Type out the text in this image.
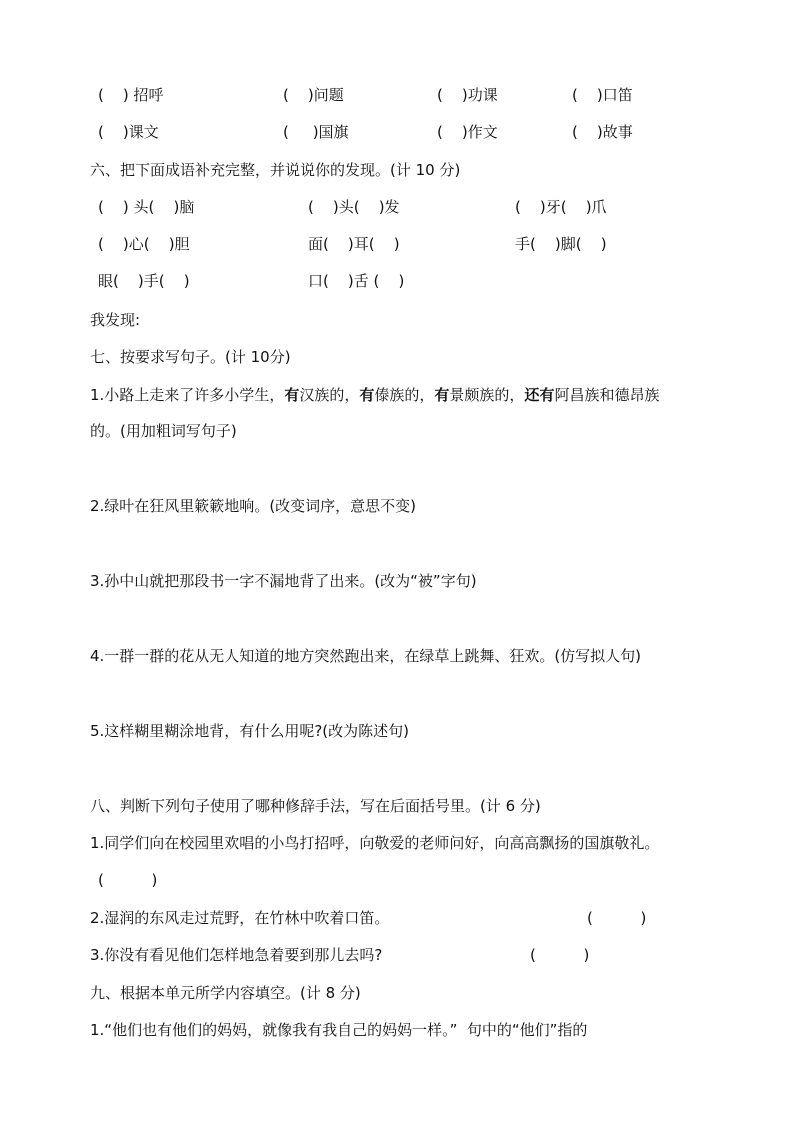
(    ) 招呼	(    )问题	(    )功课	(    )口笛
(    )课文	(     )国旗	(    )作文	(    )故事
六、把下面成语补充完整，并说说你的发现。(计 10 分)
(    ) 头(    )脑	(    )头(    )发	(    )牙(    )爪
(    )心(    )胆	面(    )耳(    )	手(    )脚(    )
眼(    )手(    )	口(    )舌 (    )
我发现:
七、按要求写句子。(计 10分)
1.小路上走来了许多小学生，有汉族的，有傣族的，有景颇族的，还有阿昌族和德昂族
的。(用加粗词写句子)
2.绿叶在狂风里簌簌地响。(改变词序，意思不变)
3.孙中山就把那段书一字不漏地背了出来。(改为“被”字句)
4.一群一群的花从无人知道的地方突然跑出来，在绿草上跳舞、狂欢。(仿写拟人句)
5.这样糊里糊涂地背，有什么用呢?(改为陈述句)
八、判断下列句子使用了哪种修辞手法，写在后面括号里。(计 6 分)
1.同学们向在校园里欢唱的小鸟打招呼，向敬爱的老师问好，向高高飘扬的国旗敬礼。
(          )
2.湿润的东风走过荒野，在竹林中吹着口笛。	(          )
3.你没有看见他们怎样地急着要到那儿去吗?	(          )
九、根据本单元所学内容填空。(计 8 分)
1.“他们也有他们的妈妈，就像我有我自己的妈妈一样。”  句中的“他们”指的
